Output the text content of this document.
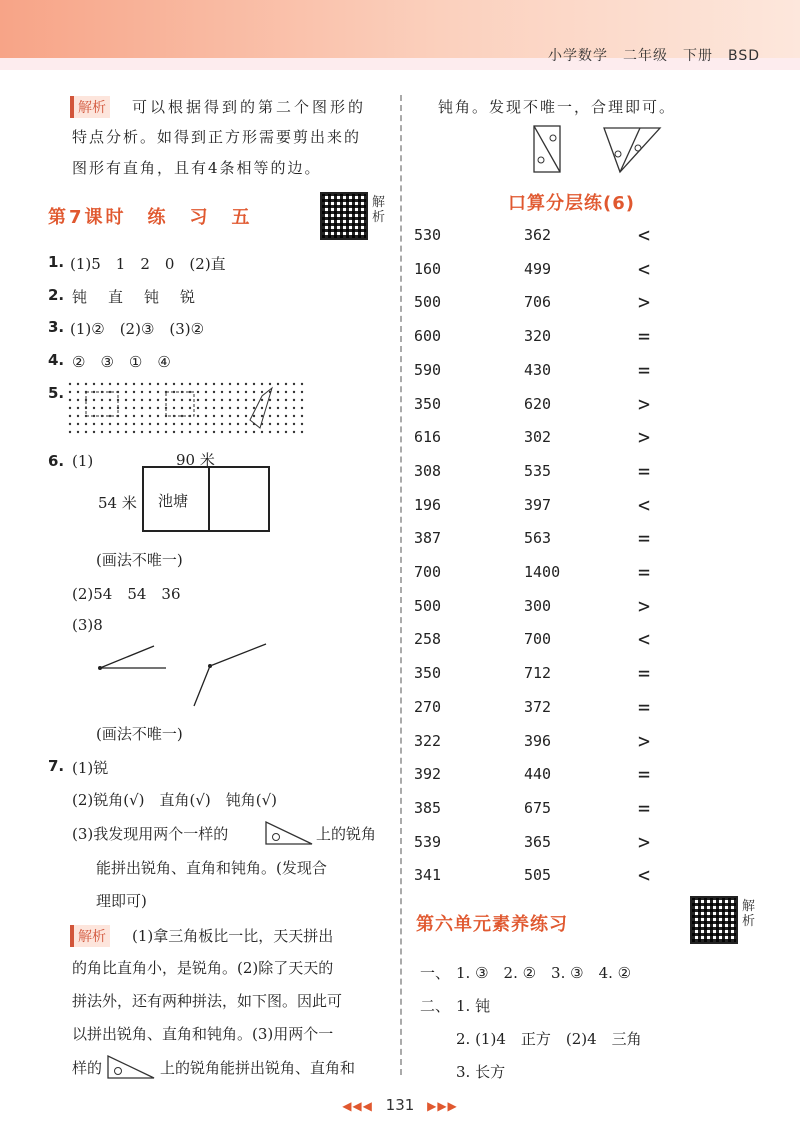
小学数学　二年级　下册　BSD
解析 可以根据得到的第二个图形的
特点分析。如得到正方形需要剪出来的
图形有直角，且有4条相等的边。
第7课时　练　习　五
解析
1. (1)5　1　2　0　(2)直
2. 钝　直　钝　锐
3. (1)②　(2)③　(3)②
4. ②　③　①　④
5.
6. (1)	90 米
54 米 池塘
(画法不唯一)
(2)54　54　36
(3)8
(画法不唯一)
7. (1)锐
(2)锐角(√)　直角(√)　钝角(√)
(3)我发现用两个一样的	上的锐角
能拼出锐角、直角和钝角。(发现合
理即可)
解析 (1)拿三角板比一比，天天拼出
的角比直角小，是锐角。(2)除了天天的
拼法外，还有两种拼法，如下图。因此可
以拼出锐角、直角和钝角。(3)用两个一
样的	上的锐角能拼出锐角、直角和
钝角。发现不唯一，合理即可。
口算分层练(6)
530	362	<
160	499	<
500	706	>
600	320	=
590	430	=
350	620	>
616	302	>
308	535	=
196	397	<
387	563	=
700	1400	=
500	300	>
258	700	<
350	712	=
270	372	=
322	396	>
392	440	=
385	675	=
539	365	>
341	505	<
第六单元素养练习
解析
一、 1. ③　2. ②　3. ③　4. ②
二、 1. 钝
2. (1)4　正方　(2)4　三角
3. 长方
◀◀◀ 131 ▶▶▶
